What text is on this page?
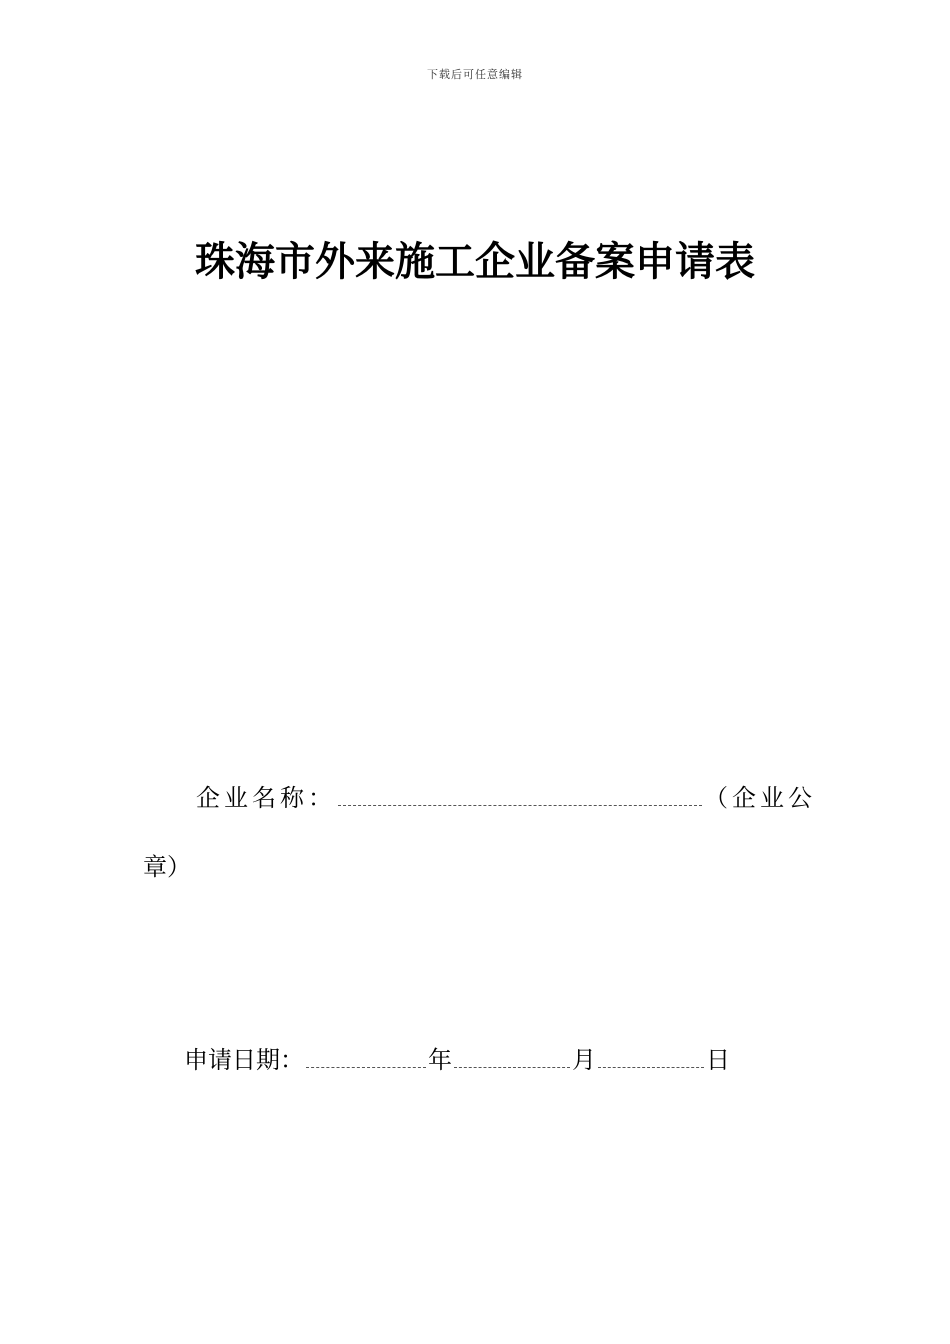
下载后可任意编辑
珠海市外来施工企业备案申请表
企业名称：	（企业公
章）
申请日期：	年	月	日
